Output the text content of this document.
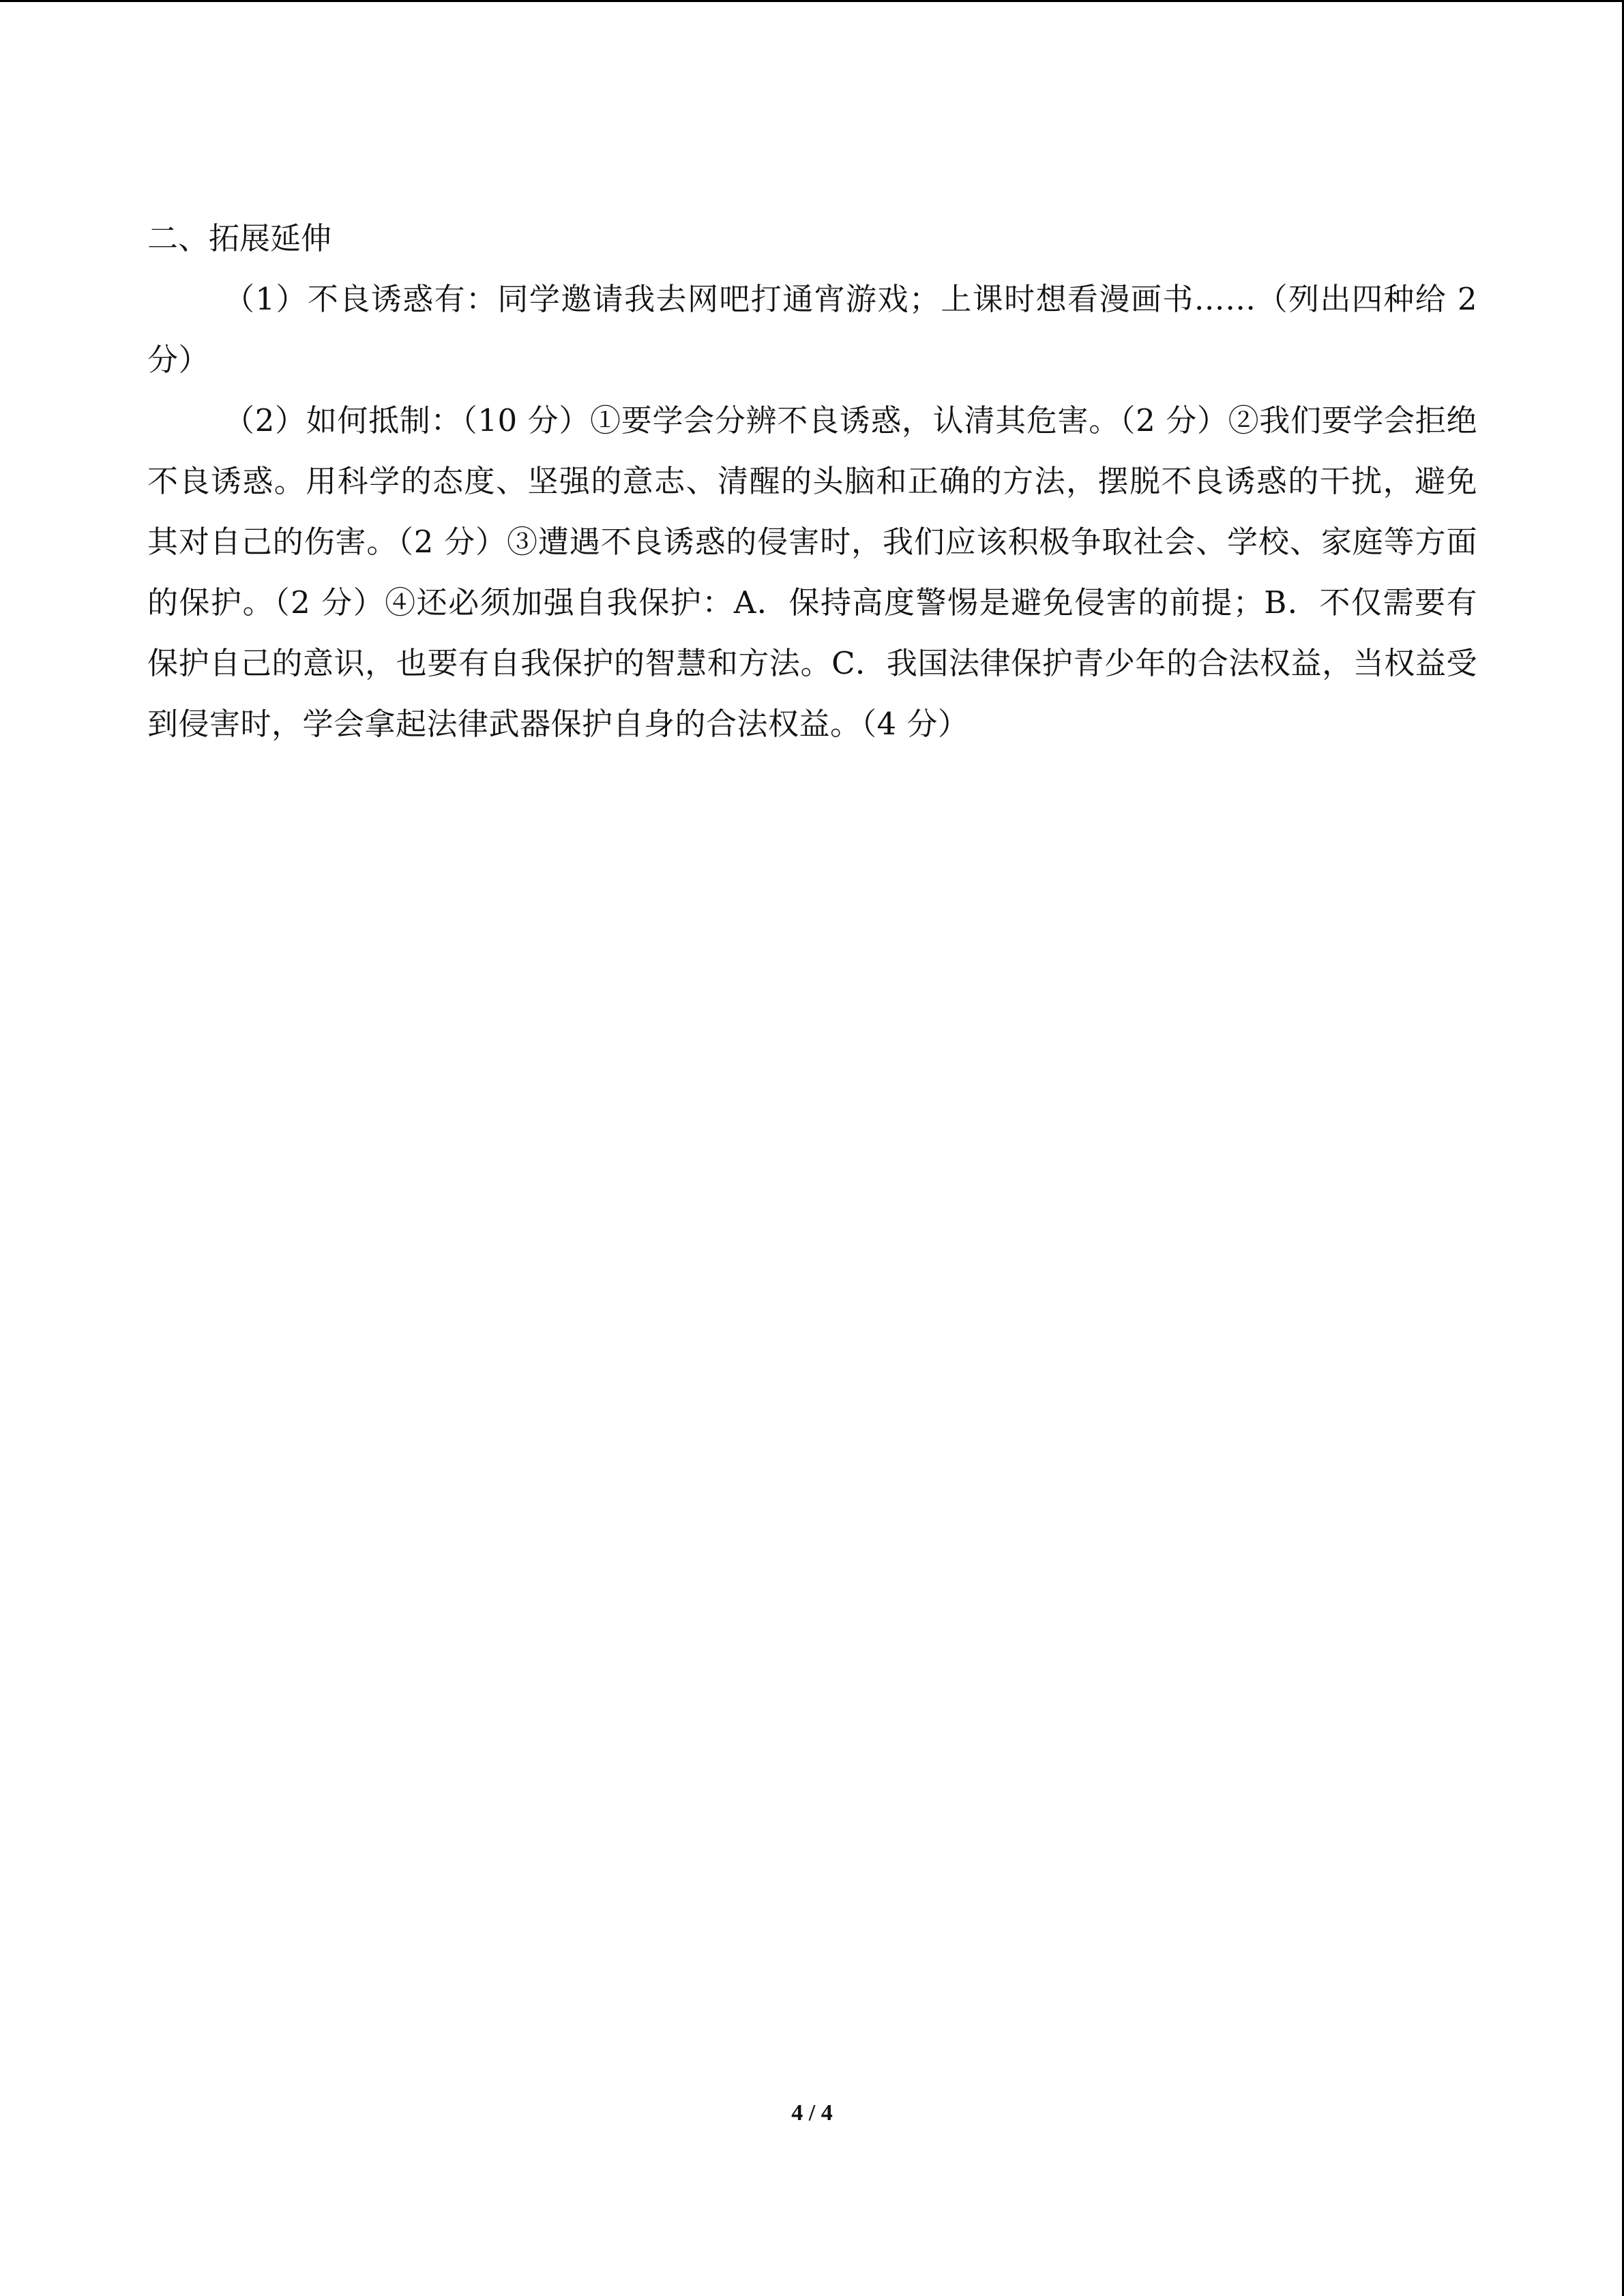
二、拓展延伸

（1）不良诱惑有：同学邀请我去网吧打通宵游戏；上课时想看漫画书……（列出四种给 2 分）

（2）如何抵制：（10 分）①要学会分辨不良诱惑，认清其危害。（2 分）②我们要学会拒绝不良诱惑。用科学的态度、坚强的意志、清醒的头脑和正确的方法，摆脱不良诱惑的干扰，避免其对自己的伤害。（2 分）③遭遇不良诱惑的侵害时，我们应该积极争取社会、学校、家庭等方面的保护。（2 分）④还必须加强自我保护：A．保持高度警惕是避免侵害的前提；B．不仅需要有保护自己的意识，也要有自我保护的智慧和方法。C．我国法律保护青少年的合法权益，当权益受到侵害时，学会拿起法律武器保护自身的合法权益。（4 分）

4 / 4
